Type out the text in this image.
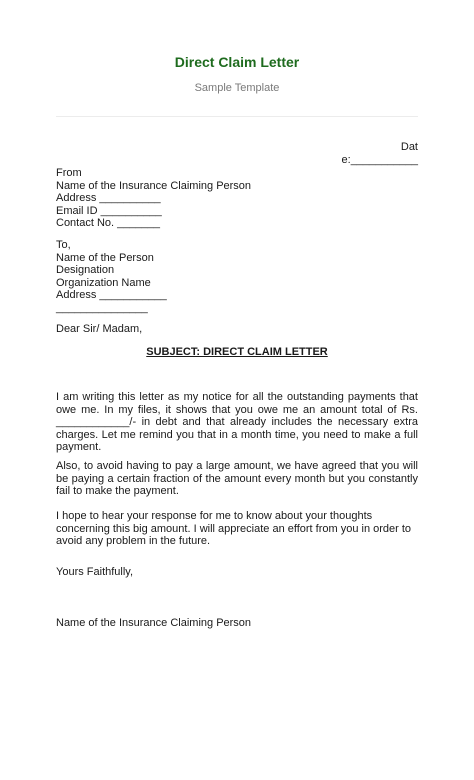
Direct Claim Letter
Sample Template
Dat
e:___________
From
Name of the Insurance Claiming Person
Address __________
Email ID __________
Contact No. _______
To,
Name of the Person
Designation
Organization Name
Address ___________
_______________
Dear Sir/ Madam,
SUBJECT: DIRECT CLAIM LETTER

I am writing this letter as my notice for all the outstanding payments that owe me. In my files, it shows that you owe me an amount total of Rs. ____________/- in debt and that already includes the necessary extra charges. Let me remind you that in a month time, you need to make a full payment.

Also, to avoid having to pay a large amount, we have agreed that you will be paying a certain fraction of the amount every month but you constantly fail to make the payment.

I hope to hear your response for me to know about your thoughts concerning this big amount. I will appreciate an effort from you in order to avoid any problem in the future.

Yours Faithfully,
Name of the Insurance Claiming Person
